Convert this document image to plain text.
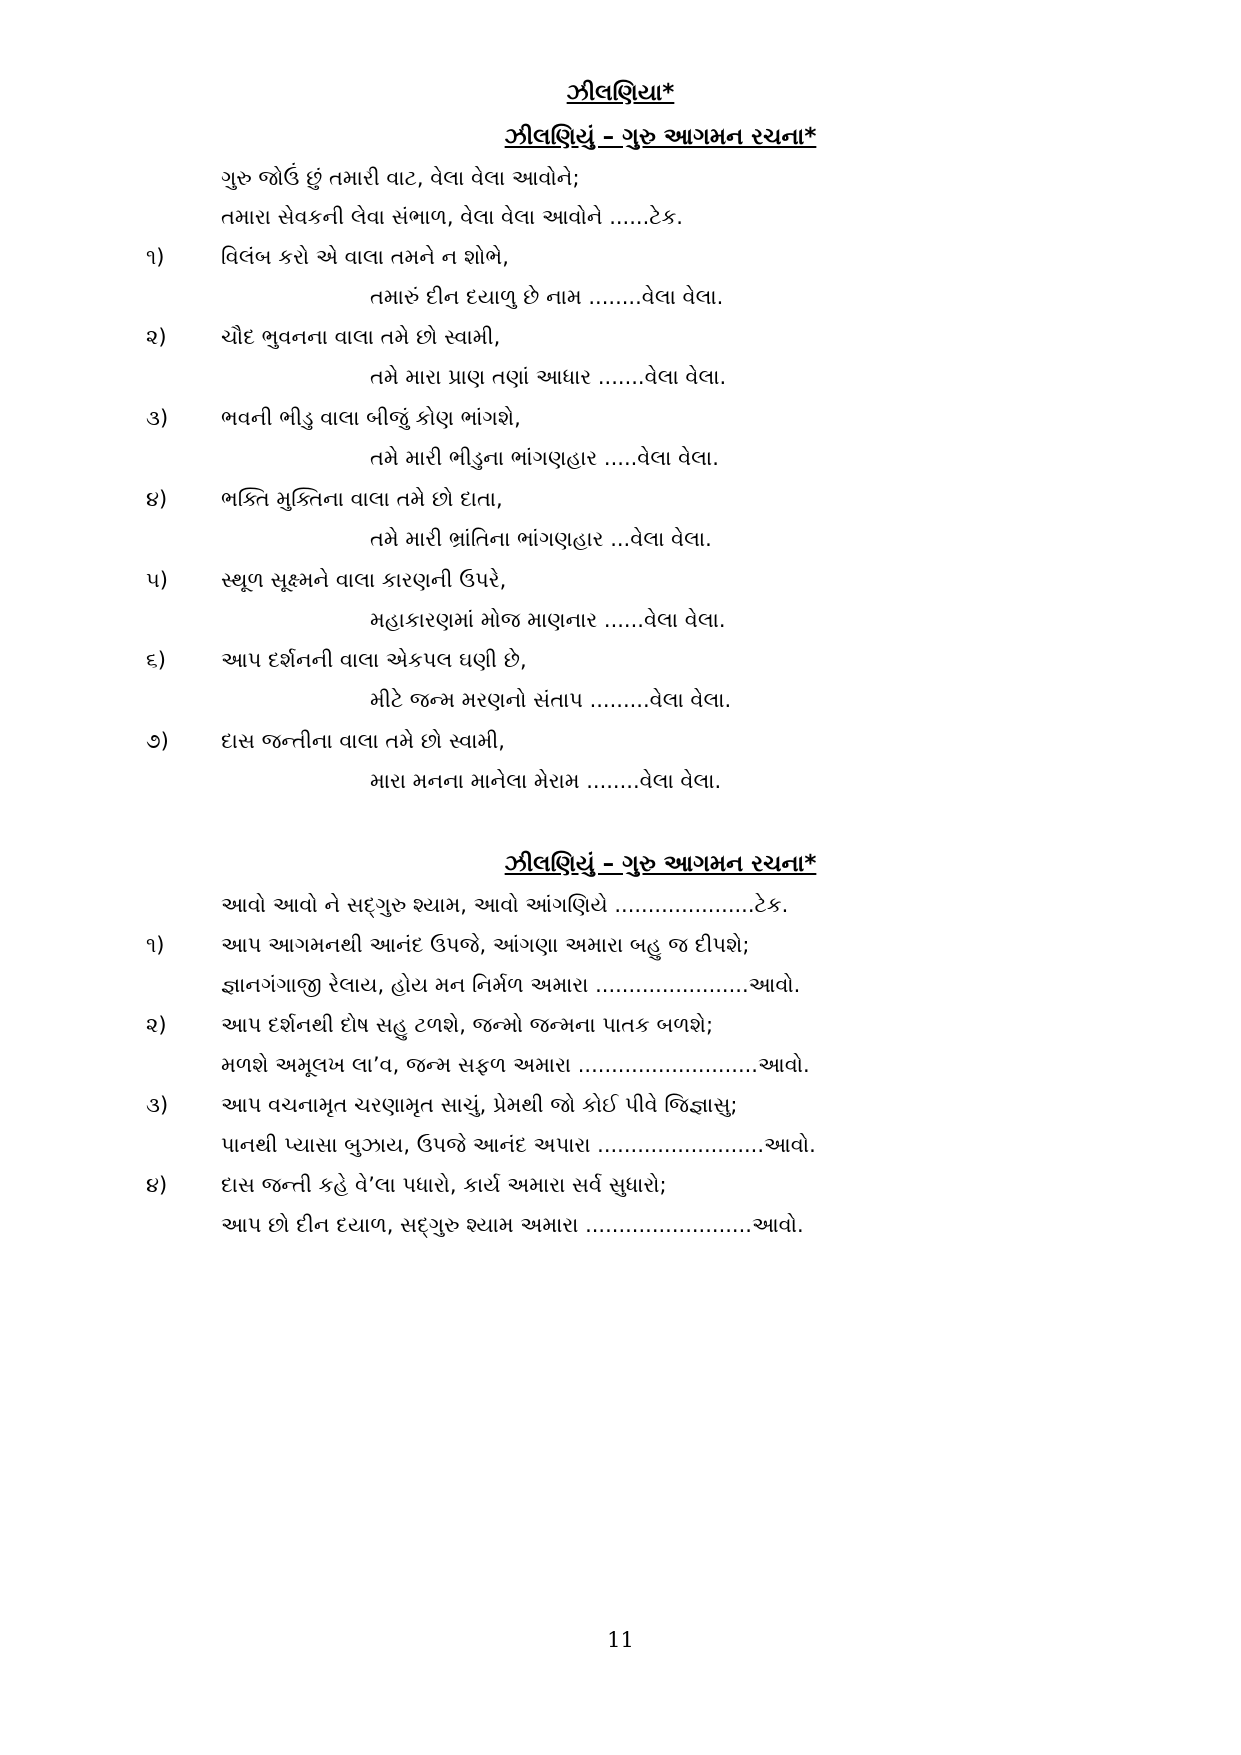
ઝીલણિયા*
ઝીલણિયું – ગુરુ આગમન રચના*
ગુરુ જોઉં છું તમારી વાટ, વેલા વેલા આવોને;
તમારા સેવકની લેવા સંભાળ, વેલા વેલા આવોને ......ટેક.
૧)	વિલંબ કરો એ વાલા તમને ન શોભે,
તમારું દીન દયાળુ છે નામ ........વેલા વેલા.
૨)	ચૌદ ભુવનના વાલા તમે છો સ્વામી,
તમે મારા પ્રાણ તણાં આધાર .......વેલા વેલા.
૩)	ભવની ભીડુ વાલા બીજું કોણ ભાંગશે,
તમે મારી ભીડુના ભાંગણહાર .....વેલા વેલા.
૪)	ભક્તિ મુક્તિના વાલા તમે છો દાતા,
તમે મારી ભ્રાંતિના ભાંગણહાર ...વેલા વેલા.
૫)	સ્થૂળ સૂક્ષ્મને વાલા કારણની ઉપરે,
મહાકારણમાં મોજ માણનાર ......વેલા વેલા.
૬)	આપ દર્શનની વાલા એકપલ ઘણી છે,
મીટે જન્મ મરણનો સંતાપ .........વેલા વેલા.
૭) દાસ જન્તીના વાલા તમે છો સ્વામી,
મારા મનના માનેલા મેરામ ........વેલા વેલા.
ઝીલણિયું – ગુરુ આગમન રચના*
આવો આવો ને સદ્‌ગુરુ શ્યામ, આવો આંગણિયે .....................ટેક.
૧)	આપ આગમનથી આનંદ ઉપજે, આંગણા અમારા બહુ જ દીપશે;
જ્ઞાનગંગાજી રેલાય, હોય મન નિર્મળ અમારા .......................આવો.
૨)	આપ દર્શનથી દોષ સહુ ટળશે, જન્મો જન્મના પાતક બળશે;
મળશે અમૂલખ લા’વ, જન્મ સફળ અમારા ...........................આવો.
૩)	આપ વચનામૃત ચરણામૃત સાચું, પ્રેમથી જો કોઈ પીવે જિજ્ઞાસુ;
પાનથી પ્યાસા બુઝાય, ઉપજે આનંદ અપારા .........................આવો.
૪)	દાસ જન્તી કહે વે’લા પધારો, કાર્ય અમારા સર્વ સુધારો;
આપ છો દીન દયાળ, સદ્‌ગુરુ શ્યામ અમારા .........................આવો.
11
